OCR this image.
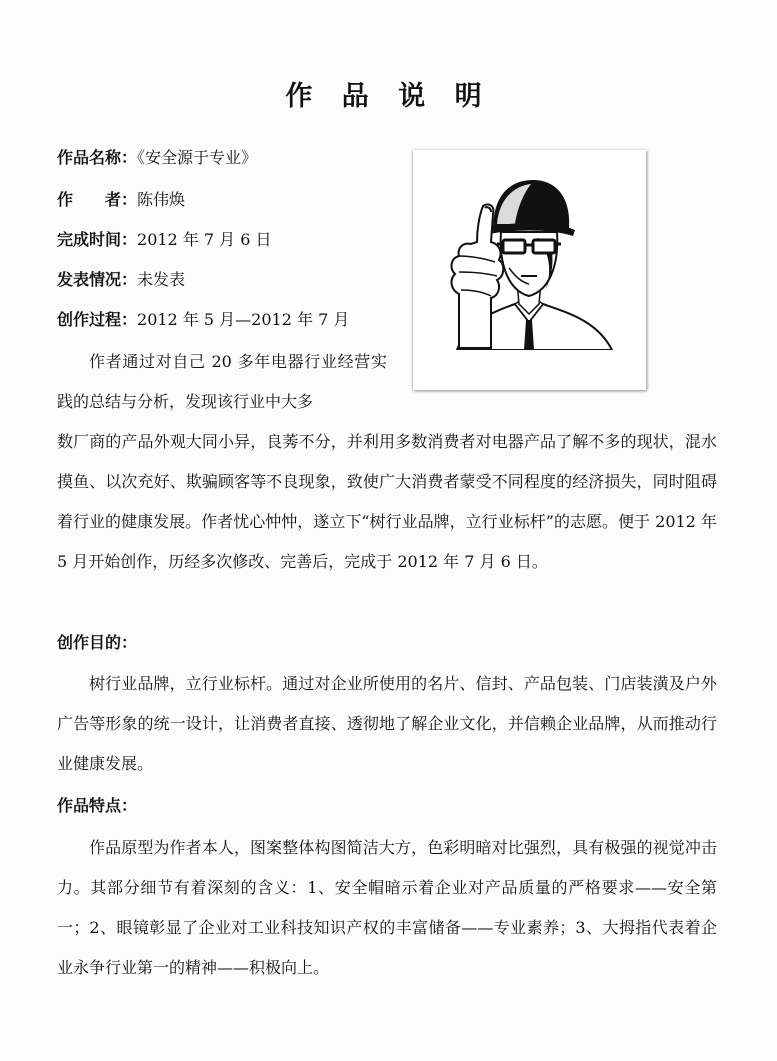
作 品 说 明
作品名称：《安全源于专业》
作　　者：陈伟焕
完成时间：2012 年 7 月 6 日
发表情况：未发表
创作过程：2012 年 5 月—2012 年 7 月

作者通过对自己 20 多年电器行业经营实践的总结与分析，发现该行业中大多

数厂商的产品外观大同小异，良莠不分，并利用多数消费者对电器产品了解不多的现状，混水摸鱼、以次充好、欺骗顾客等不良现象，致使广大消费者蒙受不同程度的经济损失，同时阻碍着行业的健康发展。作者忧心忡忡，遂立下“树行业品牌，立行业标杆”的志愿。便于 2012 年 5 月开始创作，历经多次修改、完善后，完成于 2012 年 7 月 6 日。

创作目的：

树行业品牌，立行业标杆。通过对企业所使用的名片、信封、产品包装、门店装潢及户外广告等形象的统一设计，让消费者直接、透彻地了解企业文化，并信赖企业品牌，从而推动行业健康发展。

作品特点：

作品原型为作者本人，图案整体构图简洁大方，色彩明暗对比强烈，具有极强的视觉冲击力。其部分细节有着深刻的含义：1、安全帽暗示着企业对产品质量的严格要求——安全第一；2、眼镜彰显了企业对工业科技知识产权的丰富储备——专业素养；3、大拇指代表着企业永争行业第一的精神——积极向上。
